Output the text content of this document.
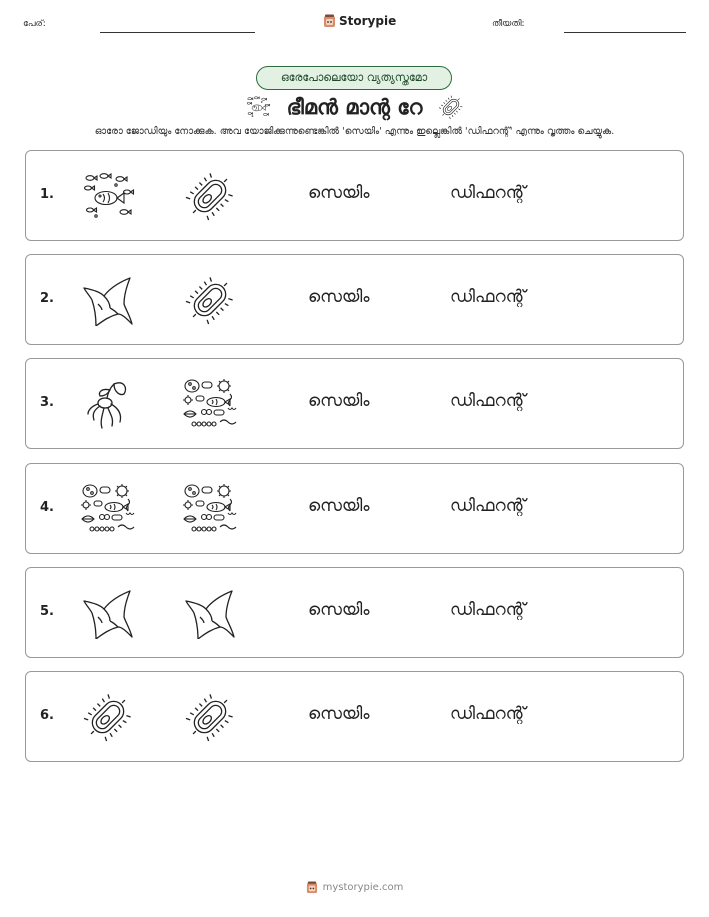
പേര്:	Storypie	തീയതി:
ഒരേപോലെയോ വ്യത്യസ്തമോ
ഭീമൻ മാന്റ റേ
ഓരോ ജോഡിയും നോക്കുക. അവ യോജിക്കുന്നുണ്ടെങ്കിൽ 'സെയിം' എന്നും ഇല്ലെങ്കിൽ 'ഡിഫറന്റ്' എന്നും വൃത്തം ചെയ്യുക.
1.	സെയിം	ഡിഫറന്റ്
2.	സെയിം	ഡിഫറന്റ്
3.	സെയിം	ഡിഫറന്റ്
4.	സെയിം	ഡിഫറന്റ്
5.	സെയിം	ഡിഫറന്റ്
6.	സെയിം	ഡിഫറന്റ്
mystorypie.com
